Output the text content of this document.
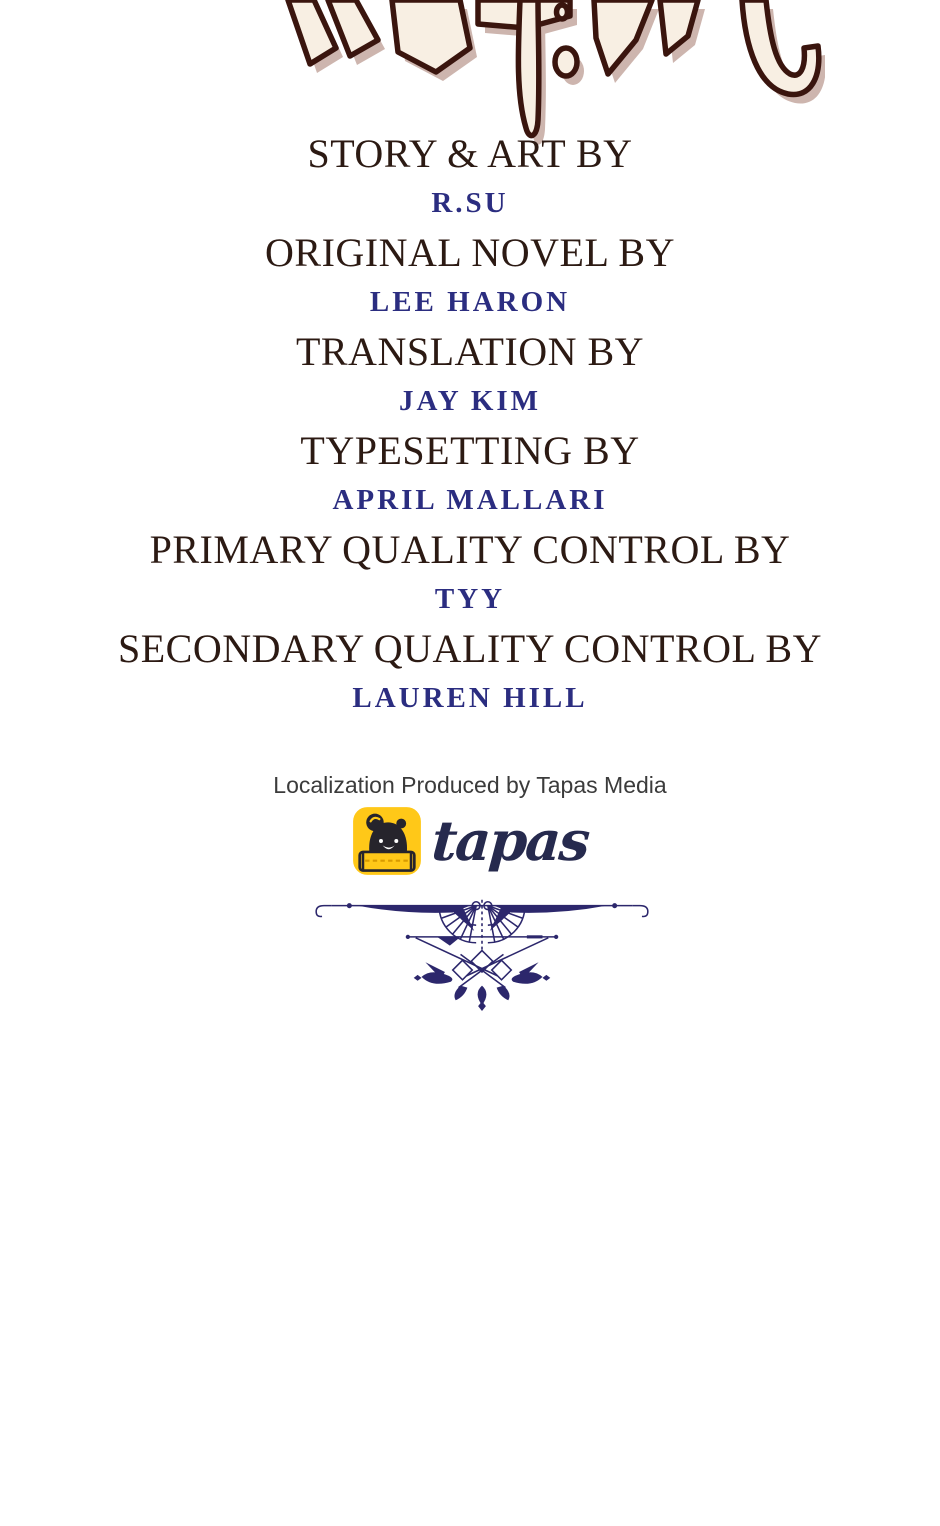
STORY & ART BY
R.SU
ORIGINAL NOVEL BY
LEE HARON
TRANSLATION BY
JAY KIM
TYPESETTING BY
APRIL MALLARI
PRIMARY QUALITY CONTROL BY
TYY
SECONDARY QUALITY CONTROL BY
LAUREN HILL
Localization Produced by Tapas Media
tapas
